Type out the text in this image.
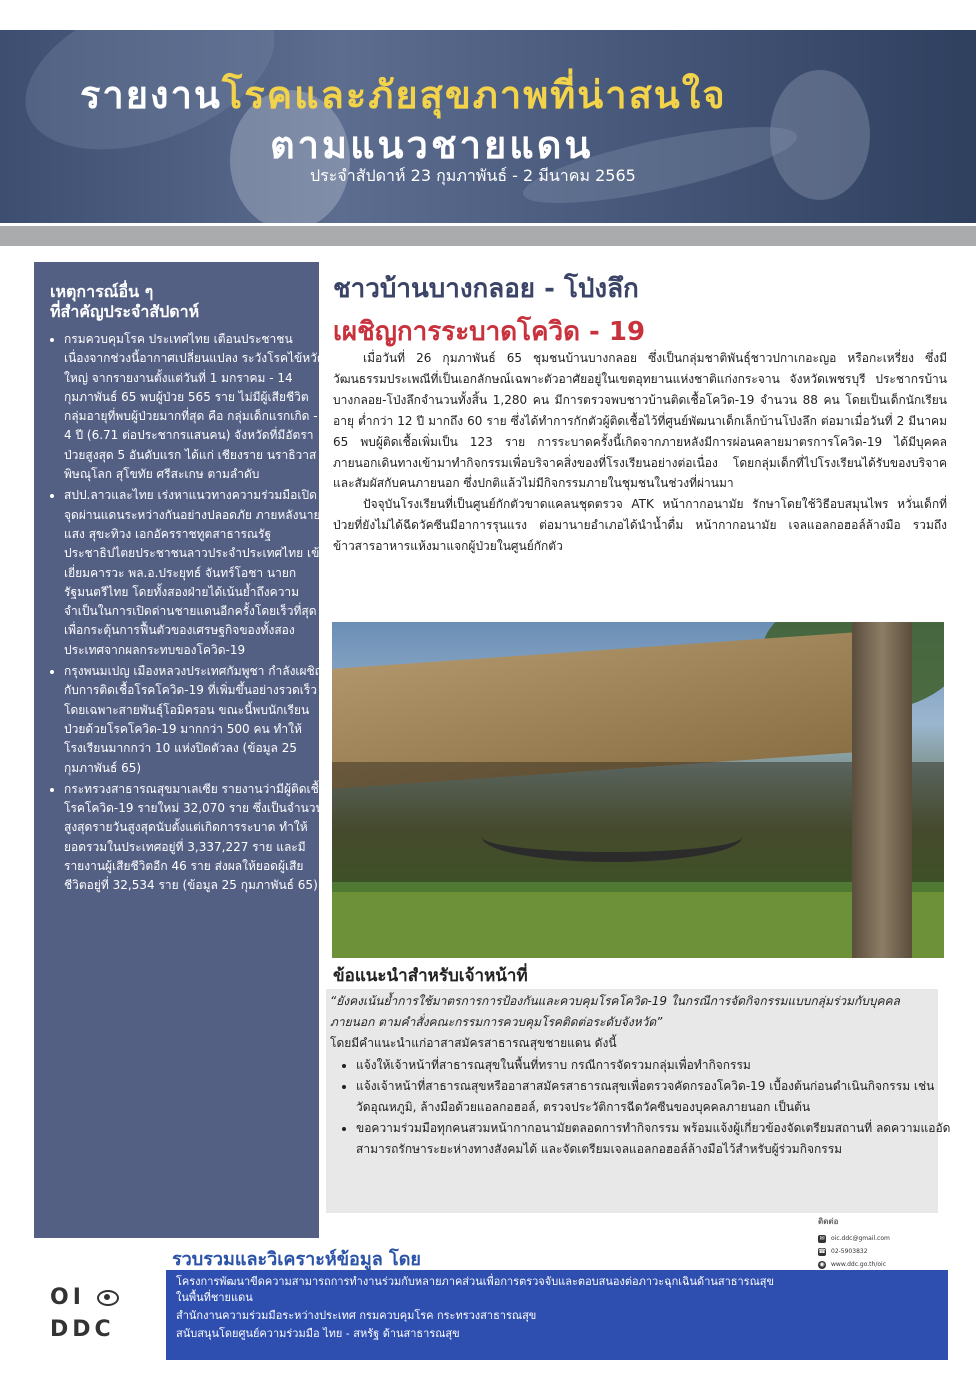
รายงานโรคและภัยสุขภาพที่น่าสนใจ
ตามแนวชายแดน
ประจำสัปดาห์ 23 กุมภาพันธ์ - 2 มีนาคม 2565
เหตุการณ์อื่น ๆ
ที่สำคัญประจำสัปดาห์
• กรมควบคุมโรค ประเทศไทย เตือนประชาชนเนื่องจากช่วงนี้อากาศเปลี่ยนแปลง ระวังโรคไข้หวัดใหญ่ จากรายงานตั้งแต่วันที่ 1 มกราคม - 14 กุมภาพันธ์ 65 พบผู้ป่วย 565 ราย ไม่มีผู้เสียชีวิต กลุ่มอายุที่พบผู้ป่วยมากที่สุด คือ กลุ่มเด็กแรกเกิด - 4 ปี (6.71 ต่อประชากรแสนคน) จังหวัดที่มีอัตราป่วยสูงสุด 5 อันดับแรก ได้แก่ เชียงราย นราธิวาส พิษณุโลก สุโขทัย ศรีสะเกษ ตามลำดับ
• สปป.ลาวและไทย เร่งหาแนวทางความร่วมมือเปิดจุดผ่านแดนระหว่างกันอย่างปลอดภัย ภายหลังนายแสง สุขะทิวง เอกอัครราชทูตสาธารณรัฐประชาธิปไตยประชาชนลาวประจำประเทศไทย เข้าเยี่ยมคารวะ พล.อ.ประยุทธ์ จันทร์โอชา นายกรัฐมนตรีไทย โดยทั้งสองฝ่ายได้เน้นย้ำถึงความจำเป็นในการเปิดด่านชายแดนอีกครั้งโดยเร็วที่สุด เพื่อกระตุ้นการฟื้นตัวของเศรษฐกิจของทั้งสองประเทศจากผลกระทบของโควิด-19
• กรุงพนมเปญ เมืองหลวงประเทศกัมพูชา กำลังเผชิญกับการติดเชื้อโรคโควิด-19 ที่เพิ่มขึ้นอย่างรวดเร็ว โดยเฉพาะสายพันธุ์โอมิครอน ขณะนี้พบนักเรียนป่วยด้วยโรคโควิด-19 มากกว่า 500 คน ทำให้โรงเรียนมากกว่า 10 แห่งปิดตัวลง (ข้อมูล 25 กุมภาพันธ์ 65)
• กระทรวงสาธารณสุขมาเลเซีย รายงานว่ามีผู้ติดเชื้อโรคโควิด-19 รายใหม่ 32,070 ราย ซึ่งเป็นจำนวนสูงสุดรายวันสูงสุดนับตั้งแต่เกิดการระบาด ทำให้ยอดรวมในประเทศอยู่ที่ 3,337,227 ราย และมีรายงานผู้เสียชีวิตอีก 46 ราย ส่งผลให้ยอดผู้เสียชีวิตอยู่ที่ 32,534 ราย (ข้อมูล 25 กุมภาพันธ์ 65)
ชาวบ้านบางกลอย - โป่งลึก
เผชิญการระบาดโควิด - 19

เมื่อวันที่ 26 กุมภาพันธ์ 65 ชุมชนบ้านบางกลอย ซึ่งเป็นกลุ่มชาติพันธุ์ชาวปกาเกอะญอ หรือกะเหรี่ยง ซึ่งมีวัฒนธรรมประเพณีที่เป็นเอกลักษณ์เฉพาะตัวอาศัยอยู่ในเขตอุทยานแห่งชาติแก่งกระจาน จังหวัดเพชรบุรี ประชากรบ้านบางกลอย-โป่งลึกจำนวนทั้งสิ้น 1,280 คน มีการตรวจพบชาวบ้านติดเชื้อโควิด-19 จำนวน 88 คน โดยเป็นเด็กนักเรียนอายุ ต่ำกว่า 12 ปี มากถึง 60 ราย ซึ่งได้ทำการกักตัวผู้ติดเชื้อไว้ที่ศูนย์พัฒนาเด็กเล็กบ้านโป่งลึก ต่อมาเมื่อวันที่ 2 มีนาคม 65 พบผู้ติดเชื้อเพิ่มเป็น 123 ราย การระบาดครั้งนี้เกิดจากภายหลังมีการผ่อนคลายมาตรการโควิด-19 ได้มีบุคคลภายนอกเดินทางเข้ามาทำกิจกรรมเพื่อบริจาคสิ่งของที่โรงเรียนอย่างต่อเนื่อง โดยกลุ่มเด็กที่ไปโรงเรียนได้รับของบริจาคและสัมผัสกับคนภายนอก ซึ่งปกติแล้วไม่มีกิจกรรมภายในชุมชนในช่วงที่ผ่านมา

ปัจจุบันโรงเรียนที่เป็นศูนย์กักตัวขาดแคลนชุดตรวจ ATK หน้ากากอนามัย รักษาโดยใช้วิธีอบสมุนไพร หวั่นเด็กที่ป่วยที่ยังไม่ได้ฉีดวัคซีนมีอาการรุนแรง ต่อมานายอำเภอได้นำน้ำดื่ม หน้ากากอนามัย เจลแอลกอฮอล์ล้างมือ รวมถึงข้าวสารอาหารแห้งมาแจกผู้ป่วยในศูนย์กักตัว

ข้อแนะนำสำหรับเจ้าหน้าที่

“ยังคงเน้นย้ำการใช้มาตรการการป้องกันและควบคุมโรคโควิด-19 ในกรณีการจัดกิจกรรมแบบกลุ่มร่วมกับบุคคลภายนอก ตามคำสั่งคณะกรรมการควบคุมโรคติดต่อระดับจังหวัด”

โดยมีคำแนะนำแก่อาสาสมัครสาธารณสุขชายแดน ดังนี้

• แจ้งให้เจ้าหน้าที่สาธารณสุขในพื้นที่ทราบ กรณีการจัดรวมกลุ่มเพื่อทำกิจกรรม
• แจ้งเจ้าหน้าที่สาธารณสุขหรืออาสาสมัครสาธารณสุขเพื่อตรวจคัดกรองโควิด-19 เบื้องต้นก่อนดำเนินกิจกรรม เช่น วัดอุณหภูมิ, ล้างมือด้วยแอลกอฮอล์, ตรวจประวัติการฉีดวัคซีนของบุคคลภายนอก เป็นต้น
• ขอความร่วมมือทุกคนสวมหน้ากากอนามัยตลอดการทำกิจกรรม พร้อมแจ้งผู้เกี่ยวข้องจัดเตรียมสถานที่ ลดความแออัด สามารถรักษาระยะห่างทางสังคมได้ และจัดเตรียมเจลแอลกอฮอล์ล้างมือไว้สำหรับผู้ร่วมกิจกรรม
ติดต่อ
✉ oic.ddc@gmail.com
☎ 02-5903832
◉ www.ddc.go.th/oic
OI
DDC
รวบรวมและวิเคราะห์ข้อมูล โดย
โครงการพัฒนาขีดความสามารถการทำงานร่วมกับหลายภาคส่วนเพื่อการตรวจจับและตอบสนองต่อภาวะฉุกเฉินด้านสาธารณสุข
ในพื้นที่ชายแดน
สำนักงานความร่วมมือระหว่างประเทศ กรมควบคุมโรค กระทรวงสาธารณสุข
สนับสนุนโดยศูนย์ความร่วมมือ ไทย - สหรัฐ ด้านสาธารณสุข
